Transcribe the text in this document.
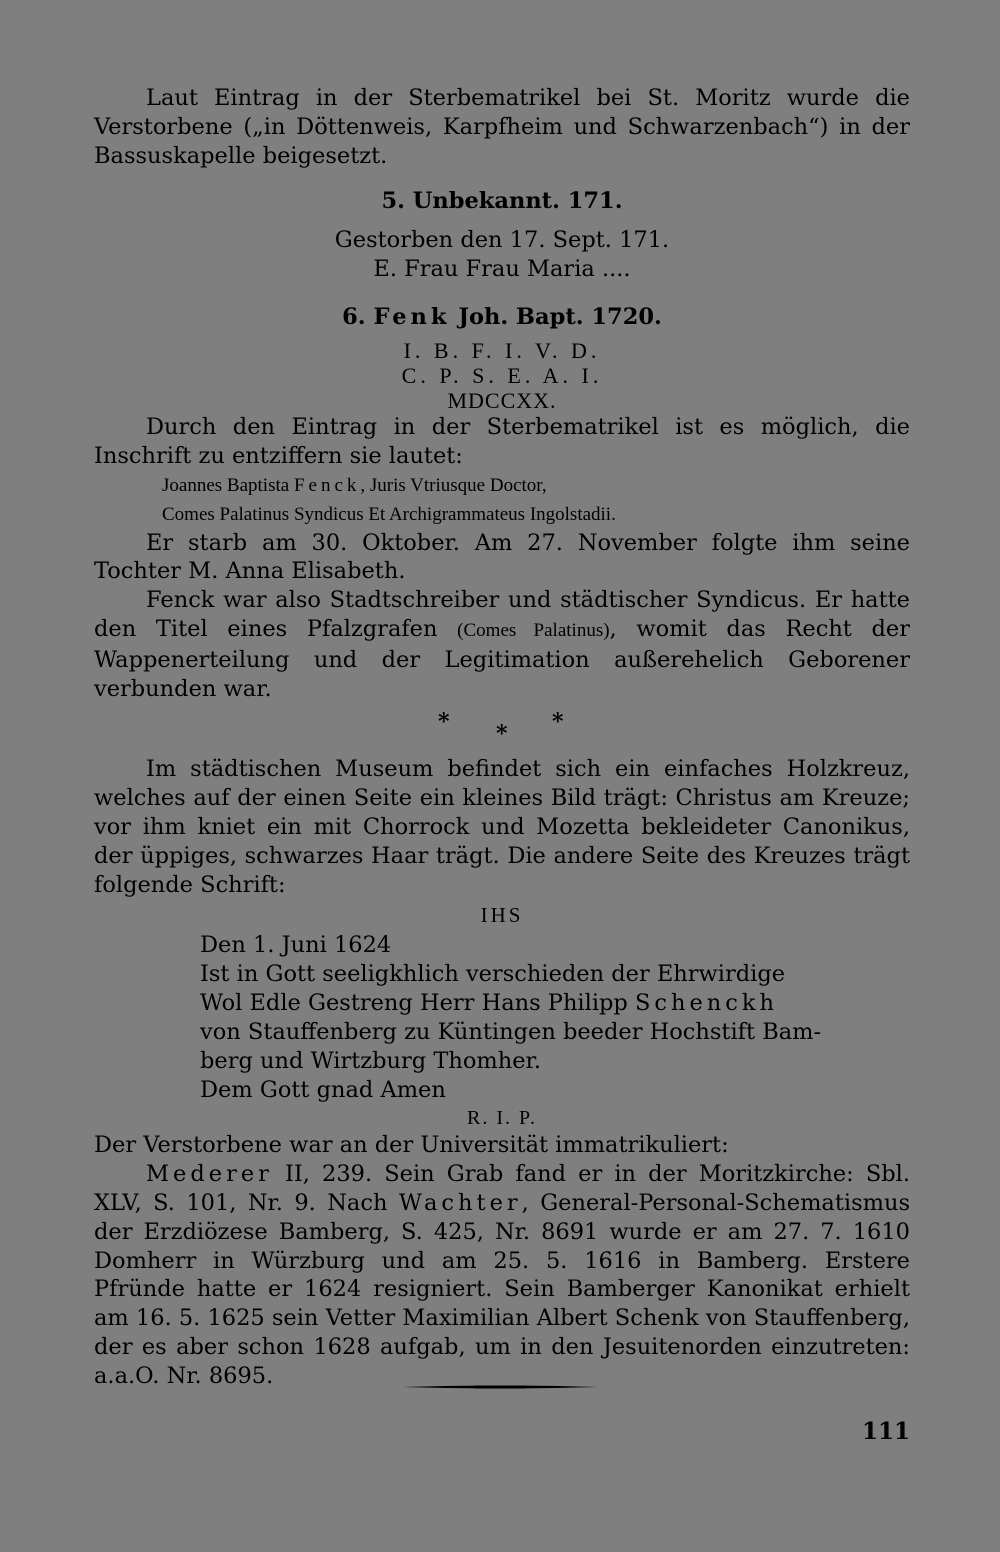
Laut Eintrag in der Sterbematrikel bei St. Moritz wurde die Verstorbene („in Döttenweis, Karpfheim und Schwarzenbach“) in der Bassuskapelle beigesetzt.

5. Unbekannt. 171.

Gestorben den 17. Sept. 171.

E. Frau Frau Maria ....

6. Fenk Joh. Bapt. 1720.

I. B. F. I. V. D.

C. P. S. E. A. I.

MDCCXX.

Durch den Eintrag in der Sterbematrikel ist es möglich, die Inschrift zu entziffern sie lautet:

Joannes Baptista Fenck, Juris Vtriusque Doctor,

Comes Palatinus Syndicus Et Archigrammateus Ingolstadii.

Er starb am 30. Oktober. Am 27. November folgte ihm seine Tochter M. Anna Elisabeth.

Fenck war also Stadtschreiber und städtischer Syndicus. Er hatte den Titel eines Pfalzgrafen (Comes Palatinus), womit das Recht der Wappenerteilung und der Legitimation außerehelich Geborener verbunden war.

* * *

Im städtischen Museum befindet sich ein einfaches Holzkreuz, welches auf der einen Seite ein kleines Bild trägt: Christus am Kreuze; vor ihm kniet ein mit Chorrock und Mozetta bekleideter Canonikus, der üppiges, schwarzes Haar trägt. Die andere Seite des Kreuzes trägt folgende Schrift:

IHS

Den 1. Juni 1624

Ist in Gott seeligkhlich verschieden der Ehrwirdige

Wol Edle Gestreng Herr Hans Philipp Schenckh

von Stauffenberg zu Küntingen beeder Hochstift Bam-

berg und Wirtzburg Thomher.

Dem Gott gnad Amen

R. I. P.

Der Verstorbene war an der Universität immatrikuliert:

Mederer II, 239. Sein Grab fand er in der Moritzkirche: Sbl. XLV, S. 101, Nr. 9. Nach Wachter, General-Personal-Schematismus der Erzdiözese Bamberg, S. 425, Nr. 8691 wurde er am 27. 7. 1610 Domherr in Würzburg und am 25. 5. 1616 in Bamberg. Erstere Pfründe hatte er 1624 resigniert. Sein Bamberger Kanonikat erhielt am 16. 5. 1625 sein Vetter Maximilian Albert Schenk von Stauffenberg, der es aber schon 1628 aufgab, um in den Jesuitenorden einzutreten: a.a.O. Nr. 8695.

111
